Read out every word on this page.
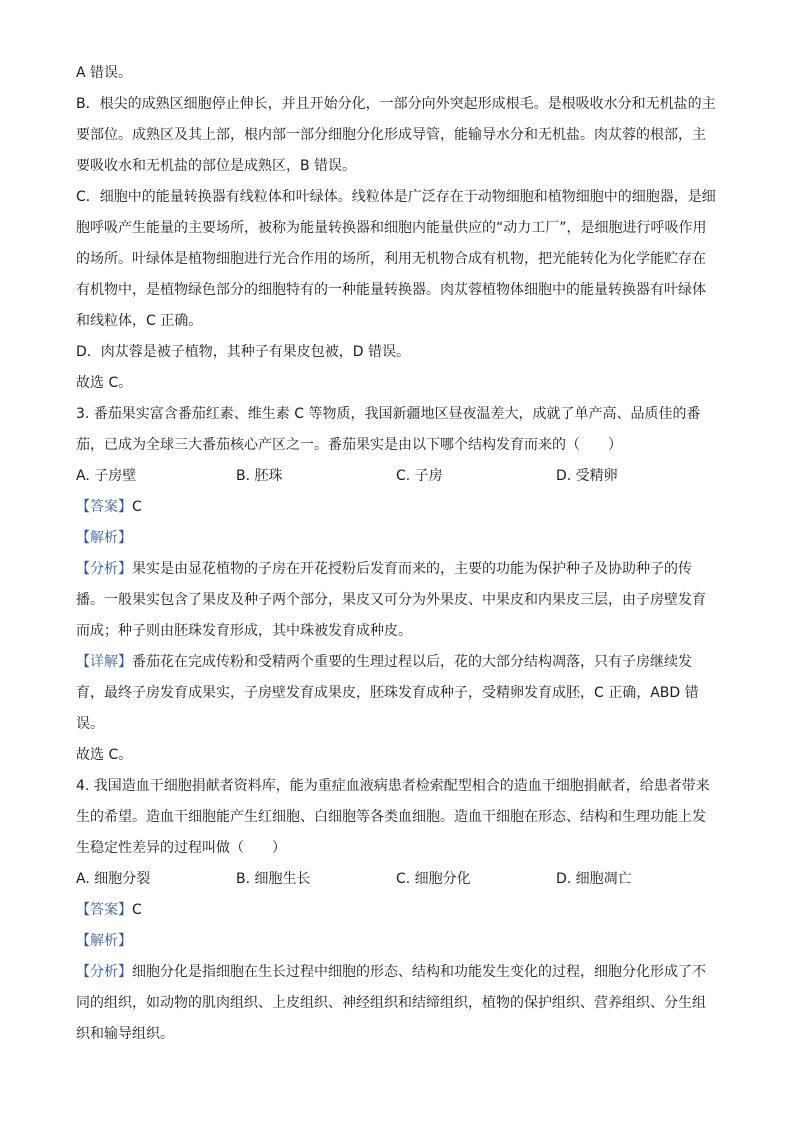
A 错误。
B．根尖的成熟区细胞停止伸长，并且开始分化，一部分向外突起形成根毛。是根吸收水分和无机盐的主
要部位。成熟区及其上部，根内部一部分细胞分化形成导管，能输导水分和无机盐。肉苁蓉的根部，主
要吸收水和无机盐的部位是成熟区，B 错误。
C．细胞中的能量转换器有线粒体和叶绿体。线粒体是广泛存在于动物细胞和植物细胞中的细胞器，是细
胞呼吸产生能量的主要场所，被称为能量转换器和细胞内能量供应的“动力工厂”，是细胞进行呼吸作用
的场所。叶绿体是植物细胞进行光合作用的场所，利用无机物合成有机物，把光能转化为化学能贮存在
有机物中，是植物绿色部分的细胞特有的一种能量转换器。肉苁蓉植物体细胞中的能量转换器有叶绿体
和线粒体，C 正确。
D．肉苁蓉是被子植物，其种子有果皮包被，D 错误。
故选 C。
3. 番茄果实富含番茄红素、维生素 C 等物质，我国新疆地区昼夜温差大，成就了单产高、品质佳的番
茄，已成为全球三大番茄核心产区之一。番茄果实是由以下哪个结构发育而来的（　　）
A. 子房壁	B. 胚珠	C. 子房	D. 受精卵
【答案】C
【解析】
【分析】果实是由显花植物的子房在开花授粉后发育而来的，主要的功能为保护种子及协助种子的传
播。一般果实包含了果皮及种子两个部分，果皮又可分为外果皮、中果皮和内果皮三层，由子房壁发育
而成；种子则由胚珠发育形成，其中珠被发育成种皮。
【详解】番茄花在完成传粉和受精两个重要的生理过程以后，花的大部分结构凋落，只有子房继续发
育，最终子房发育成果实，子房壁发育成果皮，胚珠发育成种子，受精卵发育成胚，C 正确，ABD 错
误。
故选 C。
4. 我国造血干细胞捐献者资料库，能为重症血液病患者检索配型相合的造血干细胞捐献者，给患者带来
生的希望。造血干细胞能产生红细胞、白细胞等各类血细胞。造血干细胞在形态、结构和生理功能上发
生稳定性差异的过程叫做（　　）
A. 细胞分裂	B. 细胞生长	C. 细胞分化	D. 细胞凋亡
【答案】C
【解析】
【分析】细胞分化是指细胞在生长过程中细胞的形态、结构和功能发生变化的过程，细胞分化形成了不
同的组织，如动物的肌肉组织、上皮组织、神经组织和结缔组织，植物的保护组织、营养组织、分生组
织和输导组织。
